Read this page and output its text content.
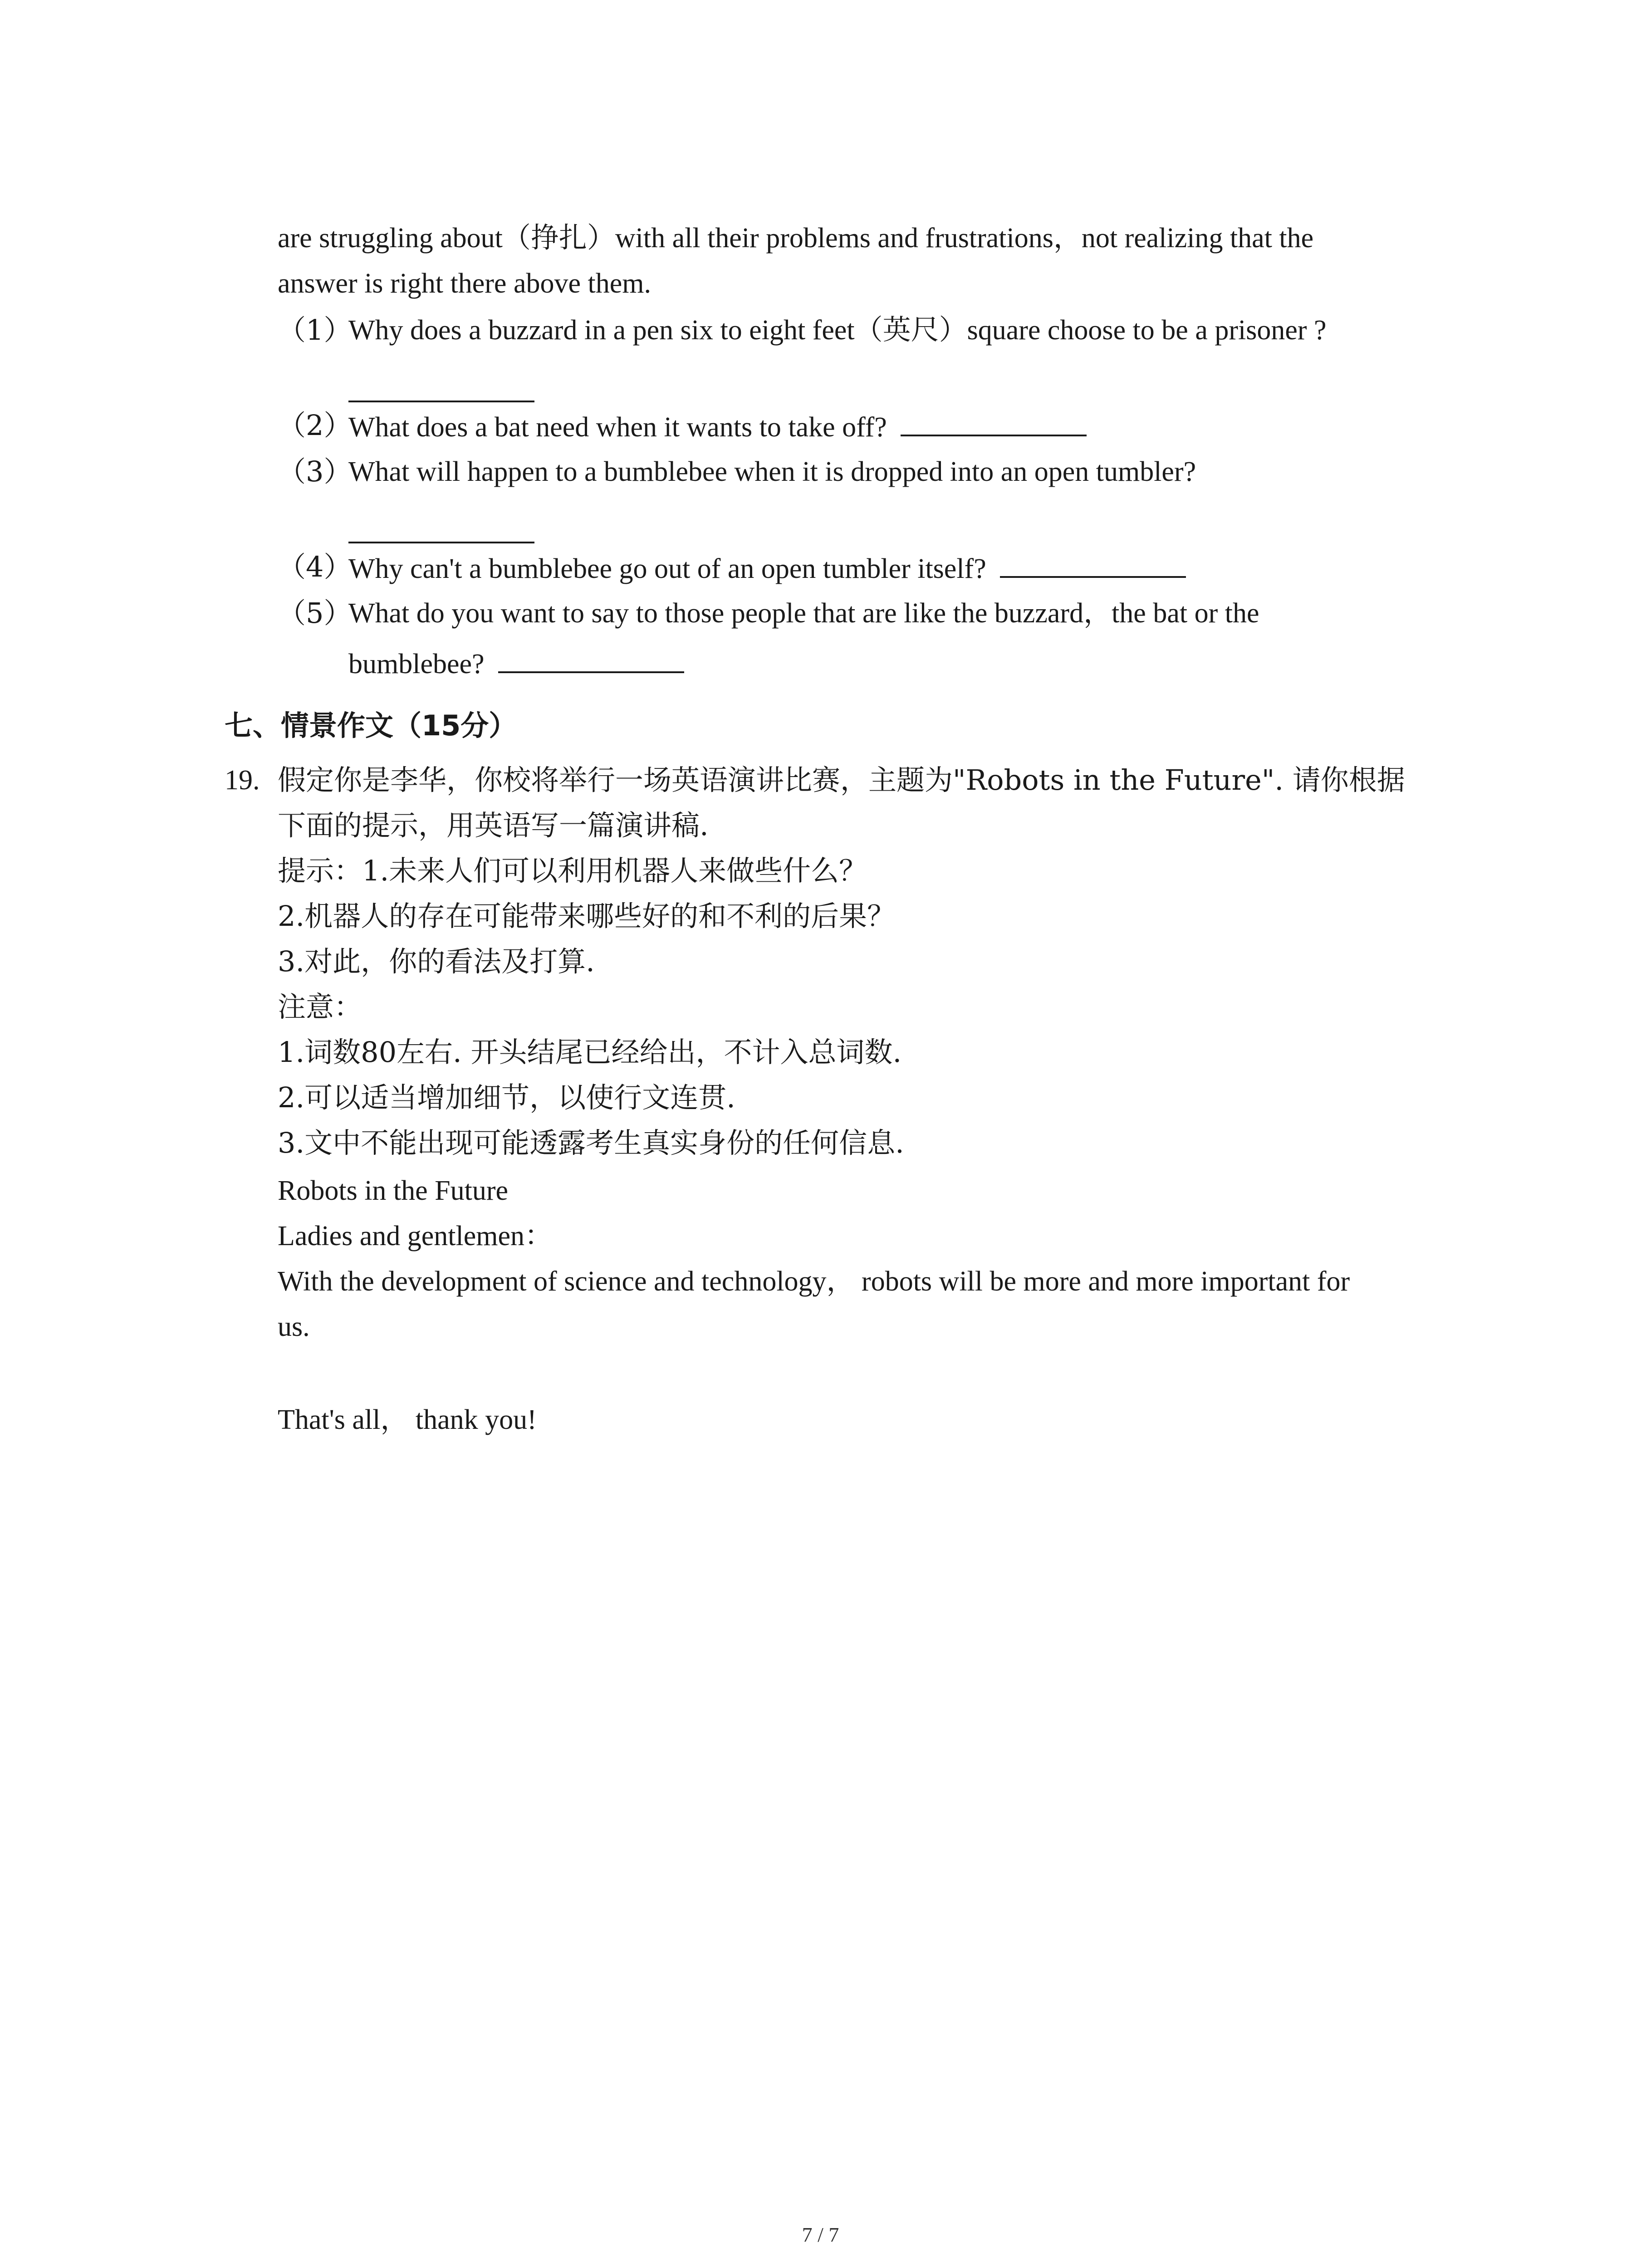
are struggling about（挣扎）with all their problems and frustrations，not realizing that the
answer is right there above them.
（1）
Why does a buzzard in a pen six to eight feet（英尺）square choose to be a prisoner ?
（2）
What does a bat need when it wants to take off?
（3）
What will happen to a bumblebee when it is dropped into an open tumbler?
（4）
Why can't a bumblebee go out of an open tumbler itself?
（5）
What do you want to say to those people that are like the buzzard，the bat or the
bumblebee?
七、情景作文（15分）
19. 假定你是李华，你校将举行一场英语演讲比赛，主题为"Robots in the Future". 请你根据
下面的提示，用英语写一篇演讲稿.
提示：1.未来人们可以利用机器人来做些什么？
2.机器人的存在可能带来哪些好的和不利的后果？
3.对此，你的看法及打算.
注意：
1.词数80左右. 开头结尾已经给出，不计入总词数.
2.可以适当增加细节，以使行文连贯.
3.文中不能出现可能透露考生真实身份的任何信息.
Robots in the Future
Ladies and gentlemen：
With the development of science and technology， robots will be more and more important for
us.
That's all， thank you!
7 / 7
